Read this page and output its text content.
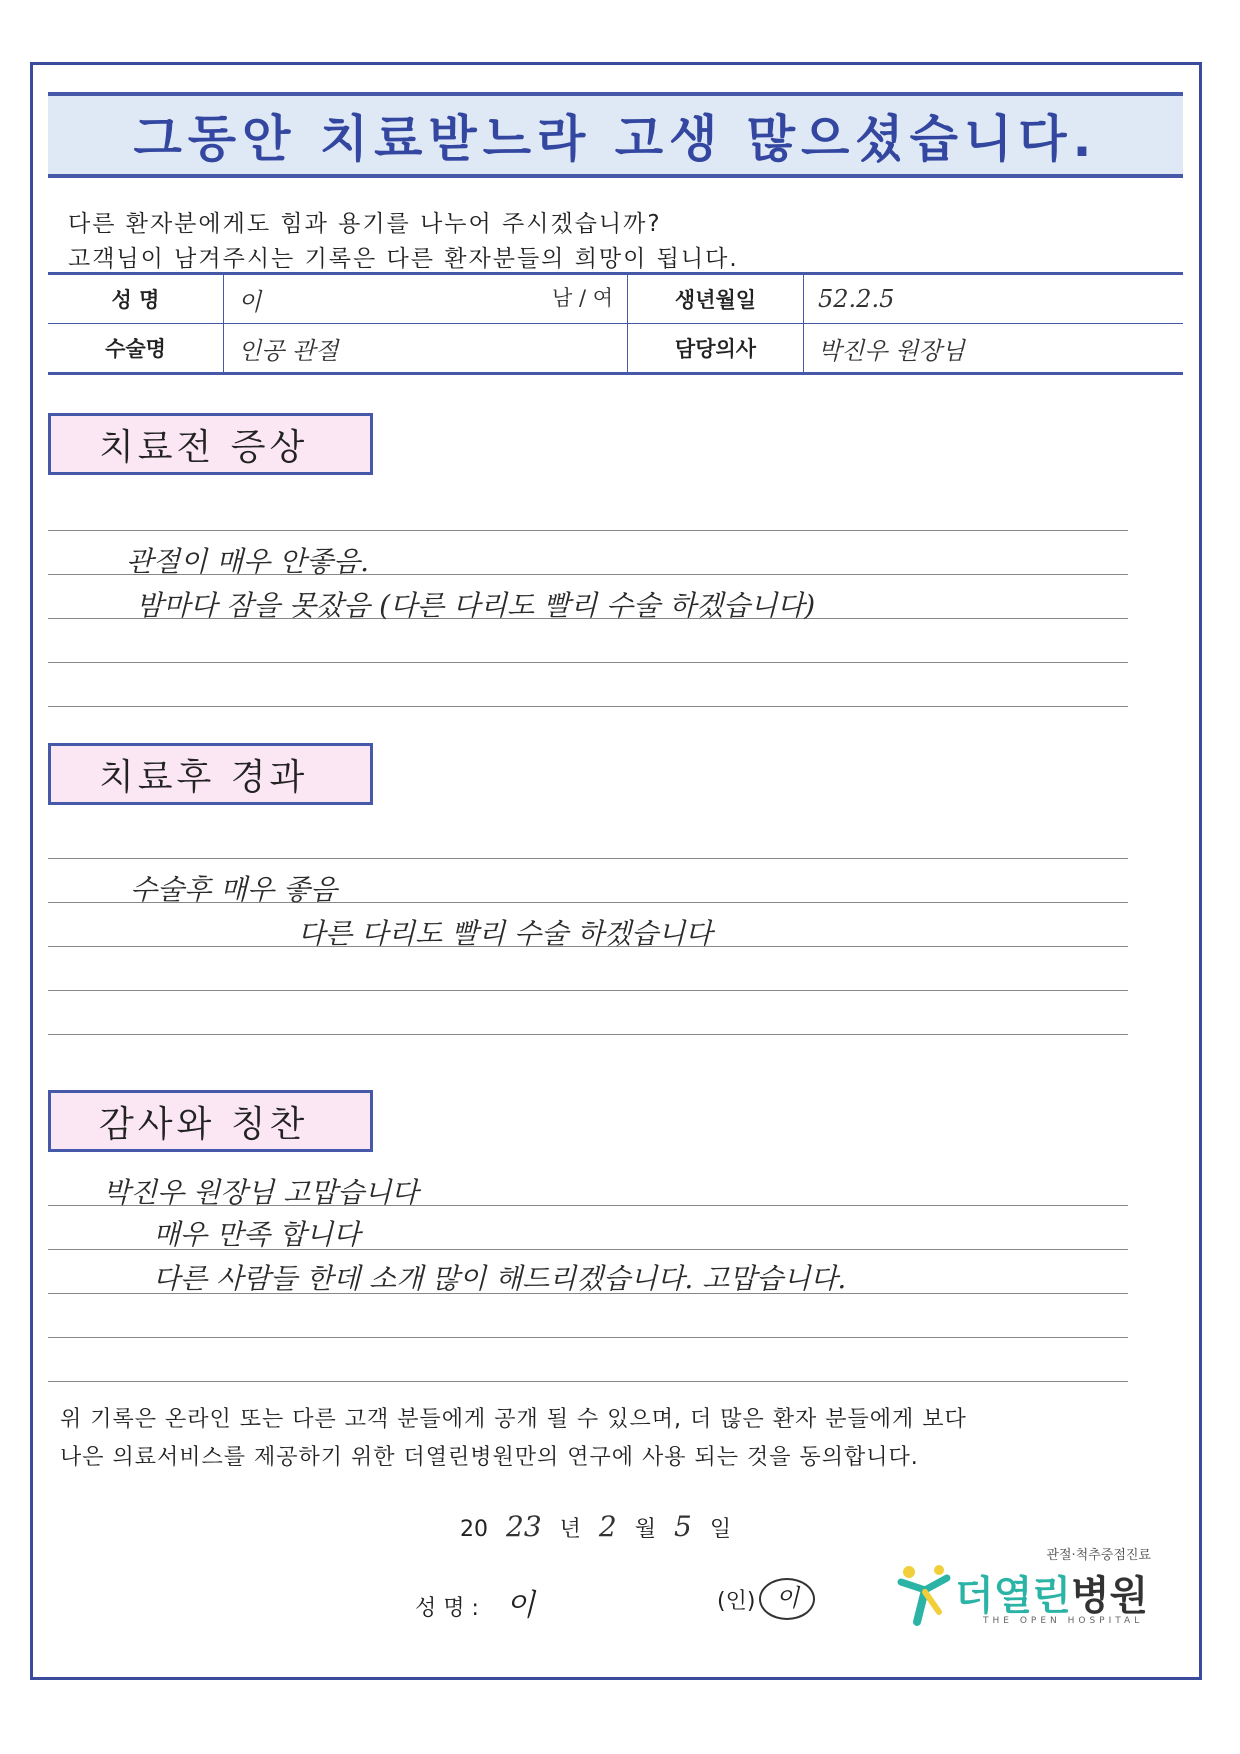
그동안 치료받느라 고생 많으셨습니다.
다른 환자분에게도 힘과 용기를 나누어 주시겠습니까?
고객님이 남겨주시는 기록은 다른 환자분들의 희망이 됩니다.
성 명	이 남 / 여	생년월일	52.2.5
수술명	인공 관절	담당의사	박진우 원장님
치료전 증상
관절이 매우 안좋음.
밤마다 잠을 못잤음 (다른 다리도 빨리 수술 하겠습니다)
치료후 경과
수술후 매우 좋음
다른 다리도 빨리 수술 하겠습니다
감사와 칭찬
박진우 원장님 고맙습니다
매우 만족 합니다
다른 사람들 한데 소개 많이 해드리겠습니다. 고맙습니다.
위 기록은 온라인 또는 다른 고객 분들에게 공개 될 수 있으며, 더 많은 환자 분들에게 보다
나은 의료서비스를 제공하기 위한 더열린병원만의 연구에 사용 되는 것을 동의합니다.
20 23 년 2 월 5 일
성 명 : 이	(인) 이
관절·척추중점진료
더열린병원
THE OPEN HOSPITAL
